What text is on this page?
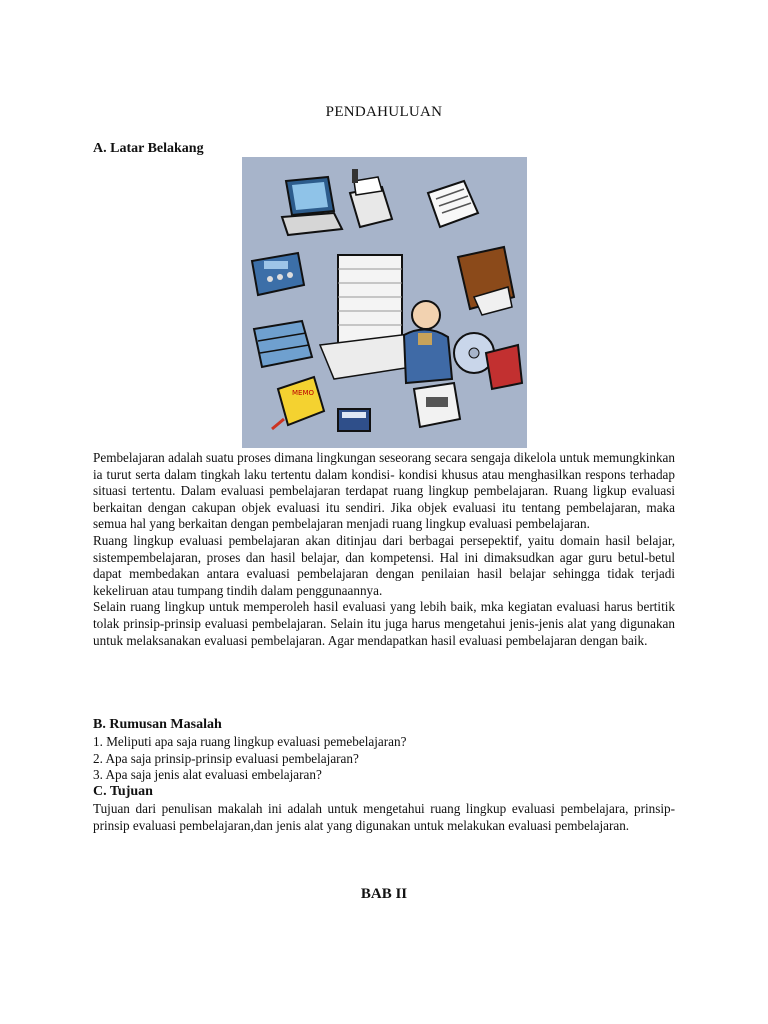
PENDAHULUAN
A. Latar Belakang
MEMO

Pembelajaran adalah suatu proses dimana lingkungan seseorang secara sengaja dikelola untuk memungkinkan ia turut serta dalam tingkah laku tertentu dalam kondisi- kondisi khusus atau menghasilkan respons terhadap situasi tertentu. Dalam evaluasi pembelajaran terdapat ruang lingkup pembelajaran. Ruang ligkup evaluasi berkaitan dengan cakupan objek evaluasi itu sendiri. Jika objek evaluasi itu tentang pembelajaran, maka semua hal yang berkaitan dengan pembelajaran menjadi ruang lingkup evaluasi pembelajaran.

Ruang lingkup evaluasi pembelajaran akan ditinjau dari berbagai persepektif, yaitu domain hasil belajar, sistempembelajaran, proses dan hasil belajar, dan kompetensi. Hal ini dimaksudkan agar guru betul-betul dapat membedakan antara evaluasi pembelajaran dengan penilaian hasil belajar sehingga tidak terjadi kekeliruan atau tumpang tindih dalam penggunaannya.

Selain ruang lingkup untuk memperoleh hasil evaluasi yang lebih baik, mka kegiatan evaluasi harus bertitik tolak prinsip-prinsip evaluasi pembelajaran. Selain itu juga harus mengetahui jenis-jenis alat yang digunakan untuk melaksanakan evaluasi pembelajaran. Agar mendapatkan hasil evaluasi pembelajaran dengan baik.

B. Rumusan Masalah
1. Meliputi apa saja ruang lingkup evaluasi pemebelajaran?
2. Apa saja prinsip-prinsip evaluasi pembelajaran?
3. Apa saja jenis alat evaluasi embelajaran?
C. Tujuan

Tujuan dari penulisan makalah ini adalah untuk mengetahui ruang lingkup evaluasi pembelajara, prinsip-prinsip evaluasi pembelajaran,dan jenis alat yang digunakan untuk melakukan evaluasi pembelajaran.

BAB II
